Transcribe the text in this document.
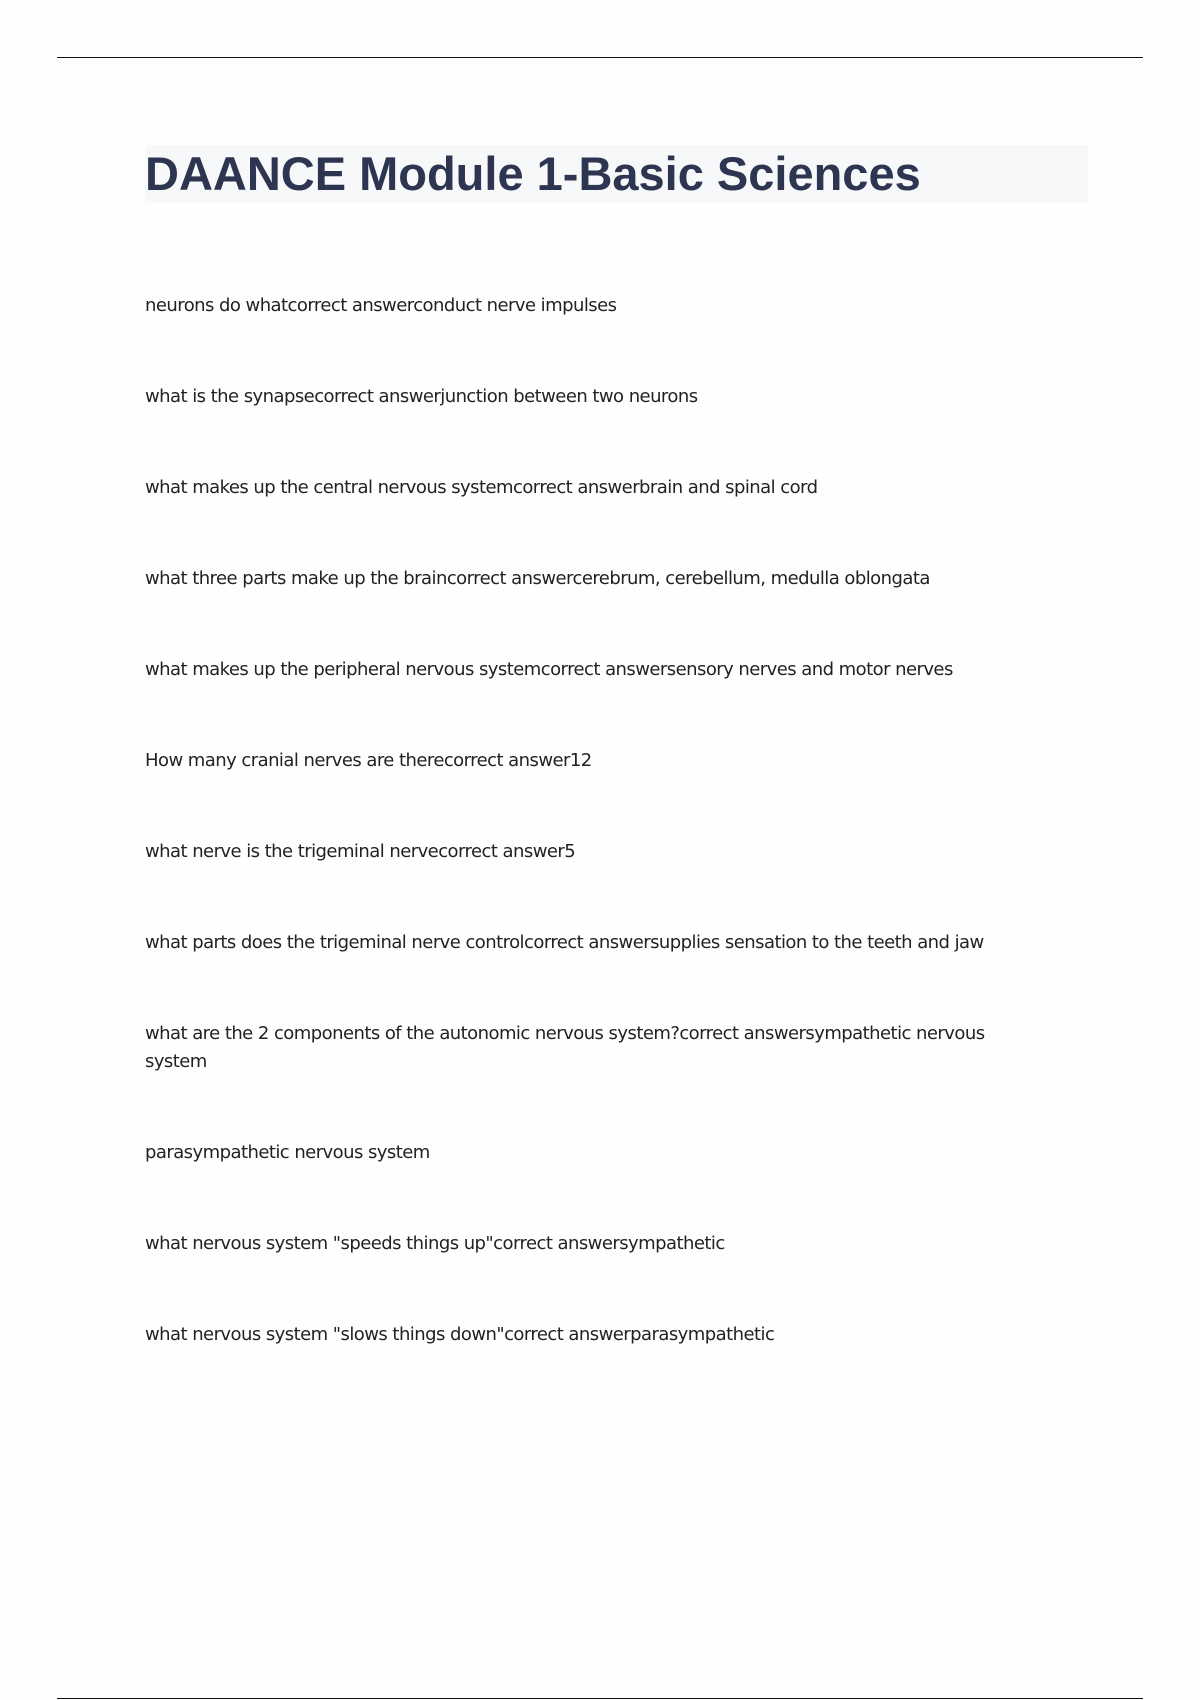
DAANCE Module 1-Basic Sciences
neurons do whatcorrect answerconduct nerve impulses
what is the synapsecorrect answerjunction between two neurons
what makes up the central nervous systemcorrect answerbrain and spinal cord
what three parts make up the braincorrect answercerebrum, cerebellum, medulla oblongata
what makes up the peripheral nervous systemcorrect answersensory nerves and motor nerves
How many cranial nerves are therecorrect answer12
what nerve is the trigeminal nervecorrect answer5
what parts does the trigeminal nerve controlcorrect answersupplies sensation to the teeth and jaw
what are the 2 components of the autonomic nervous system?correct answersympathetic nervous system
parasympathetic nervous system
what nervous system "speeds things up"correct answersympathetic
what nervous system "slows things down"correct answerparasympathetic
